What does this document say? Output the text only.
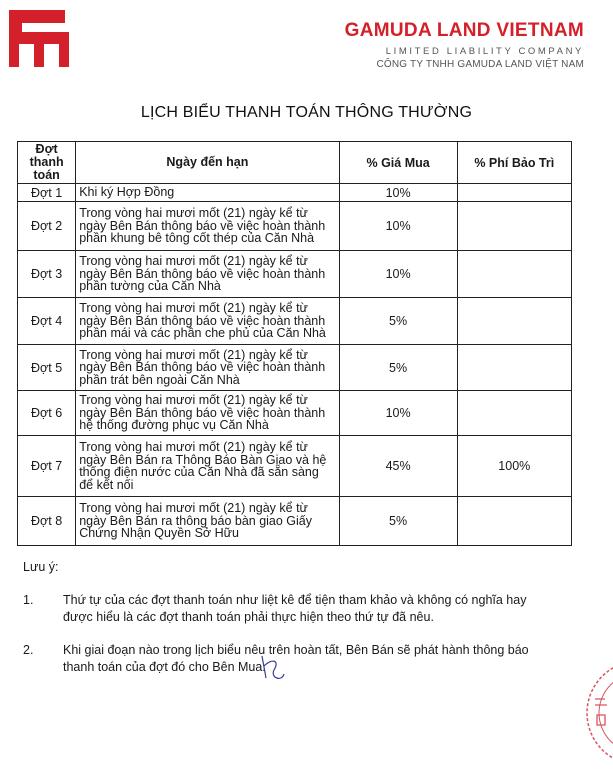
GAMUDA LAND VIETNAM
LIMITED LIABILITY COMPANY
CÔNG TY TNHH GAMUDA LAND VIỆT NAM
LỊCH BIỂU THANH TOÁN THÔNG THƯỜNG
Đợt
thanh
toán	Ngày đến hạn	% Giá Mua	% Phí Bảo Trì
Đợt 1	Khi ký Hợp Đồng	10%	
Đợt 2	Trong vòng hai mươi mốt (21) ngày kể từ
ngày Bên Bán thông báo về việc hoàn thành
phần khung bê tông cốt thép của Căn Nhà	10%	
Đợt 3	Trong vòng hai mươi mốt (21) ngày kể từ
ngày Bên Bán thông báo về việc hoàn thành
phần tường của Căn Nhà	10%	
Đợt 4	Trong vòng hai mươi mốt (21) ngày kể từ
ngày Bên Bán thông báo về việc hoàn thành
phần mái và các phần che phủ của Căn Nhà	5%	
Đợt 5	Trong vòng hai mươi mốt (21) ngày kể từ
ngày Bên Bán thông báo về việc hoàn thành
phần trát bên ngoài Căn Nhà	5%	
Đợt 6	Trong vòng hai mươi mốt (21) ngày kể từ
ngày Bên Bán thông báo về việc hoàn thành
hệ thống đường phục vụ Căn Nhà	10%	
Đợt 7	Trong vòng hai mươi mốt (21) ngày kể từ
ngày Bên Bán ra Thông Báo Bàn Giao và hệ
thống điện nước của Căn Nhà đã sẵn sàng
để kết nối	45%	100%
Đợt 8	Trong vòng hai mươi mốt (21) ngày kể từ
ngày Bên Bán ra thông báo bàn giao Giấy
Chứng Nhận Quyền Sở Hữu	5%	
Lưu ý:
1. Thứ tự của các đợt thanh toán như liệt kê để tiện tham khảo và không có nghĩa hay
được hiểu là các đợt thanh toán phải thực hiện theo thứ tự đã nêu.
2. Khi giai đoạn nào trong lịch biểu nêu trên hoàn tất, Bên Bán sẽ phát hành thông báo
thanh toán của đợt đó cho Bên Mua.
